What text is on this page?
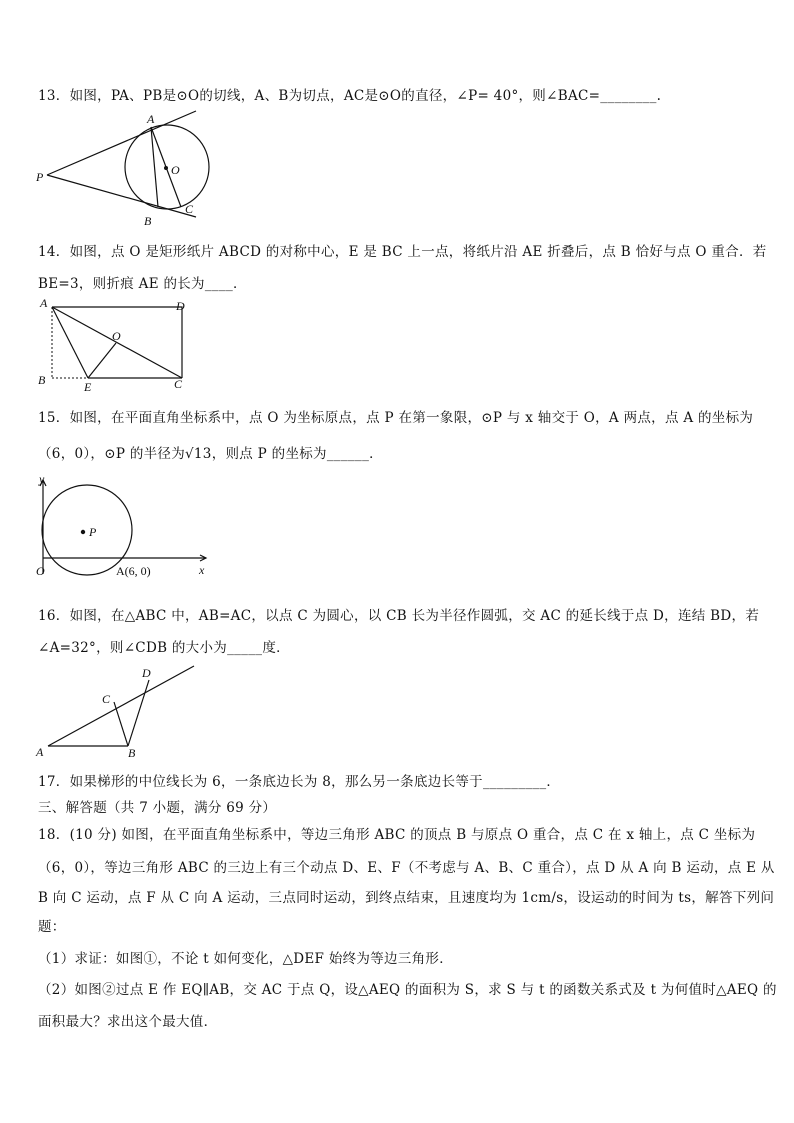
13．如图，PA、PB是⊙O的切线，A、B为切点，AC是⊙O的直径，∠P= 40°，则∠BAC=________.
A
B
C
O
P
14．如图，点 O 是矩形纸片 ABCD 的对称中心，E 是 BC 上一点，将纸片沿 AE 折叠后，点 B 恰好与点 O 重合．若
BE=3，则折痕 AE 的长为____．
A	D
O
B	E	C
15．如图，在平面直角坐标系中，点 O 为坐标原点，点 P 在第一象限，⊙P 与 x 轴交于 O，A 两点，点 A 的坐标为
（6，0），⊙P 的半径为√13，则点 P 的坐标为______．
y
x
O
P
A(6, 0)
16．如图，在△ABC 中，AB=AC，以点 C 为圆心，以 CB 长为半径作圆弧，交 AC 的延长线于点 D，连结 BD，若
∠A=32°，则∠CDB 的大小为_____度．
A	B
C
D
17．如果梯形的中位线长为 6，一条底边长为 8，那么另一条底边长等于_________．
三、解答题（共 7 小题，满分 69 分）
18．(10 分) 如图，在平面直角坐标系中，等边三角形 ABC 的顶点 B 与原点 O 重合，点 C 在 x 轴上，点 C 坐标为
（6，0），等边三角形 ABC 的三边上有三个动点 D、E、F（不考虑与 A、B、C 重合），点 D 从 A 向 B 运动，点 E 从
B 向 C 运动，点 F 从 C 向 A 运动，三点同时运动，到终点结束，且速度均为 1cm/s，设运动的时间为 ts，解答下列问
题：
（1）求证：如图①，不论 t 如何变化，△DEF 始终为等边三角形．
（2）如图②过点 E 作 EQ∥AB，交 AC 于点 Q，设△AEQ 的面积为 S，求 S 与 t 的函数关系式及 t 为何值时△AEQ 的
面积最大？求出这个最大值．
